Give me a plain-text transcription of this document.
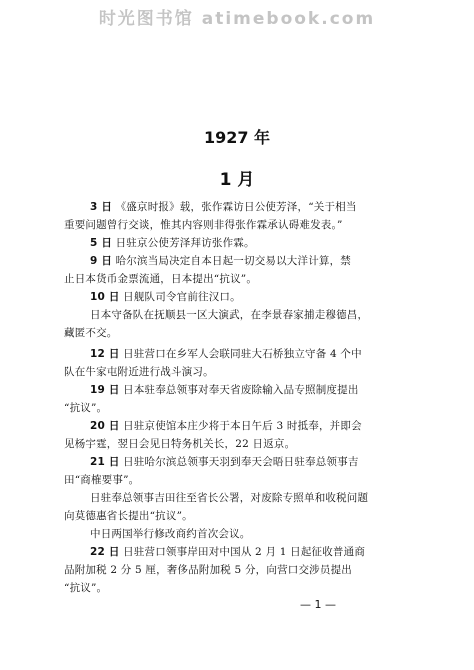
时光图书馆 atimebook.com
1927 年
1 月
3 日 《盛京时报》载，张作霖访日公使芳泽，“关于相当
重要问题曾行交谈，惟其内容则非得张作霖承认碍难发表。”
5 日 日驻京公使芳泽拜访张作霖。
9 日 哈尔滨当局决定自本日起一切交易以大洋计算，禁
止日本货币金票流通，日本提出“抗议”。
10 日 日舰队司令官前往汉口。
日本守备队在抚顺县一区大演武，在李景春家捕走穆德昌，
藏匿不交。
12 日 日驻营口在乡军人会联同驻大石桥独立守备 4 个中
队在牛家屯附近进行战斗演习。
19 日 日本驻奉总领事对奉天省废除输入品专照制度提出
“抗议”。
20 日 日驻京使馆本庄少将于本日午后 3 时抵奉，并即会
见杨宇霆，翌日会见日特务机关长，22 日返京。
21 日 日驻哈尔滨总领事天羽到奉天会晤日驻奉总领事吉
田“商榷要事”。
日驻奉总领事吉田往至省长公署，对废除专照单和收税问题
向莫德惠省长提出“抗议”。
中日两国举行修改商约首次会议。
22 日 日驻营口领事岸田对中国从 2 月 1 日起征收普通商
品附加税 2 分 5 厘，奢侈品附加税 5 分，向营口交涉员提出
“抗议”。
— 1 —
